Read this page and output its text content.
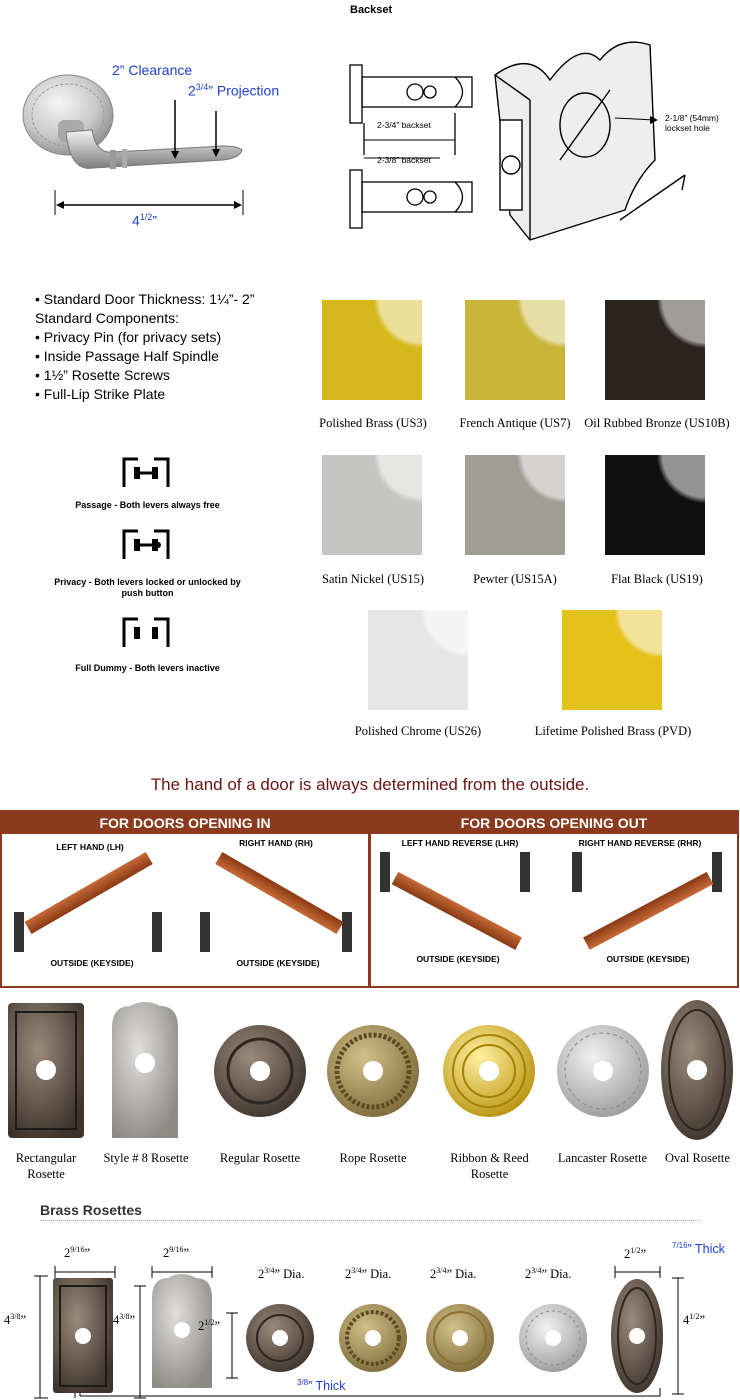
Backset
2” Clearance
$2^{3/4}$” Projection
$4^{1/2}$”
2-3/4” backset
2-3/8” backset
2-1/8” (54mm) lockset hole
• Standard Door Thickness: 1¼”- 2” Standard Components:
• Privacy Pin (for privacy sets)
• Inside Passage Half Spindle
• 1½” Rosette Screws
• Full-Lip Strike Plate
Passage - Both levers always free
Privacy - Both levers locked or unlocked by push button
Full Dummy - Both levers inactive
Polished Brass (US3)	French Antique (US7)	Oil Rubbed Bronze (US10B)
Satin Nickel (US15)	Pewter (US15A)	Flat Black (US19)
Polished Chrome (US26)	Lifetime Polished Brass (PVD)
The hand of a door is always determined from the outside.
FOR DOORS OPENING IN	FOR DOORS OPENING OUT
LEFT HAND (LH)	RIGHT HAND (RH)	LEFT HAND REVERSE (LHR)	RIGHT HAND REVERSE (RHR)
OUTSIDE (KEYSIDE)	OUTSIDE (KEYSIDE)	OUTSIDE (KEYSIDE)	OUTSIDE (KEYSIDE)
Rectangular Rosette
Style # 8 Rosette	Regular Rosette	Rope Rosette	Ribbon & Reed Rosette
Lancaster Rosette	Oval Rosette
Brass Rosettes
$^{7/16}$” Thick
$2^{9/16}$”	$2^{9/16}$”
$4^{3/8}$”	$4^{3/8}$”	$2^{1/2}$”
$2^{3/4}$” Dia.	$2^{3/4}$” Dia.	$2^{3/4}$” Dia.	$2^{3/4}$” Dia.
$2^{1/2}$”
$4^{1/2}$”
$^{3/8}$” Thick
